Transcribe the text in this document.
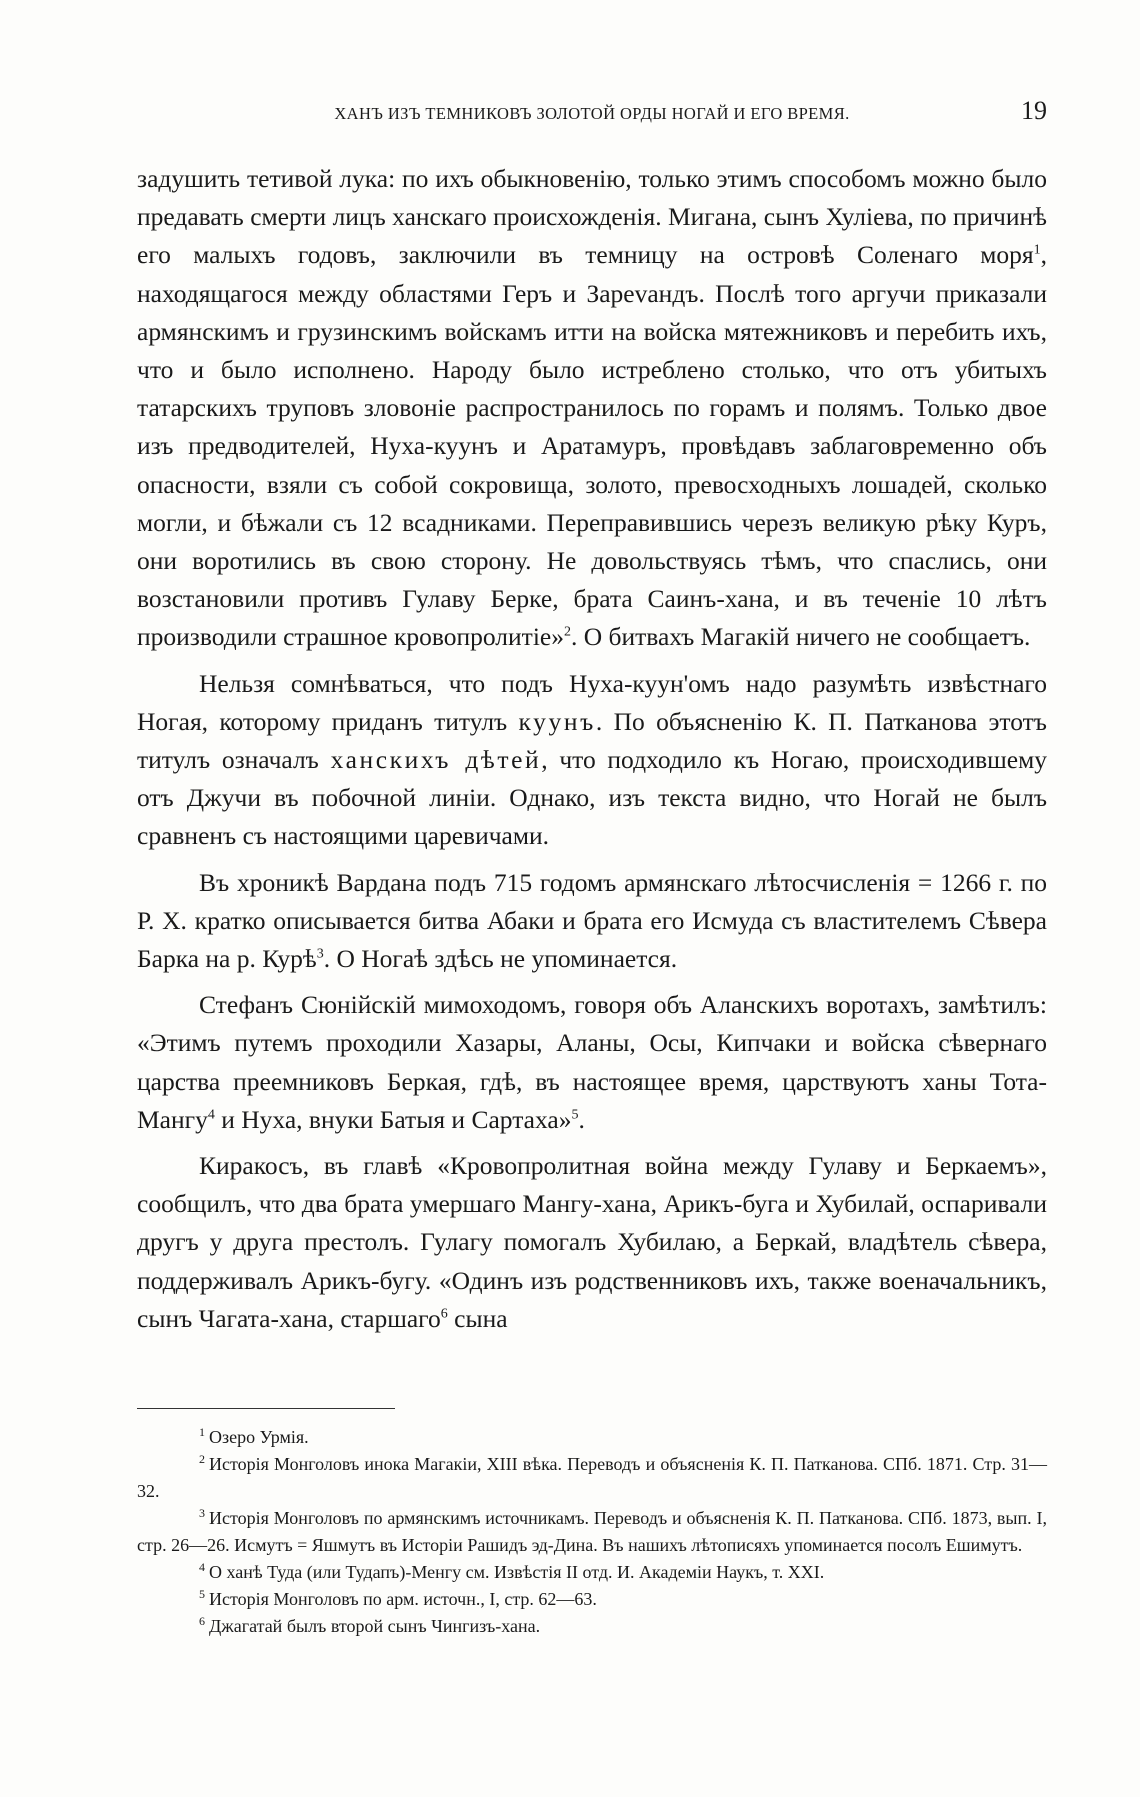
ХАНЪ ИЗЪ ТЕМНИКОВЪ ЗОЛОТОЙ ОРДЫ НОГАЙ И ЕГО ВРЕМЯ.	19

задушить тетивой лука: по ихъ обыкновенію, только этимъ способомъ можно было предавать смерти лицъ ханскаго происхожденія. Мигана, сынъ Хуліева, по причинѣ его малыхъ годовъ, заключили въ темницу на островѣ Соленаго моря$^1$, находящагося между областями Геръ и Зарevандъ. Послѣ того аргучи приказали армянскимъ и грузинскимъ войскамъ итти на войска мятежниковъ и перебить ихъ, что и было исполнено. Народу было истреблено столько, что отъ убитыхъ татарскихъ труповъ зловоніе распространилось по горамъ и полямъ. Только двое изъ предводителей, Нуха-куунъ и Аратамуръ, провѣдавъ заблаговременно объ опасности, взяли съ собой сокровища, золото, превосходныхъ лошадей, сколько могли, и бѣжали съ 12 всадниками. Переправившись черезъ великую рѣку Куръ, они воротились въ свою сторону. Не довольствуясь тѣмъ, что спаслись, они возстановили противъ Гулаву Берке, брата Саинъ-хана, и въ теченіе 10 лѣтъ производили страшное кровопролитіе»$^2$. О битвахъ Магакій ничего не сообщаетъ.

Нельзя сомнѣваться, что подъ Нуха-куун'омъ надо разумѣть извѣстнаго Ногая, которому приданъ титулъ куунъ. По объясненію К. П. Патканова этотъ титулъ означалъ ханскихъ дѣтей, что подходило къ Ногаю, происходившему отъ Джучи въ побочной линіи. Однако, изъ текста видно, что Ногай не былъ сравненъ съ настоящими царевичами.

Въ хроникѣ Вардана подъ 715 годомъ армянскаго лѣтосчисленія = 1266 г. по Р. Х. кратко описывается битва Абаки и брата его Исмуда съ властителемъ Сѣвера Барка на р. Курѣ$^3$. О Ногаѣ здѣсь не упоминается.

Стефанъ Сюнійскій мимоходомъ, говоря объ Аланскихъ воротахъ, замѣтилъ: «Этимъ путемъ проходили Хазары, Аланы, Осы, Кипчаки и войска сѣвернаго царства преемниковъ Беркая, гдѣ, въ настоящее время, царствуютъ ханы Тота-Мангу$^4$ и Нуха, внуки Батыя и Сартаха»$^5$.

Киракосъ, въ главѣ «Кровопролитная война между Гулаву и Беркаемъ», сообщилъ, что два брата умершаго Мангу-хана, Арикъ-буга и Хубилай, оспаривали другъ у друга престолъ. Гулагу помогалъ Хубилаю, а Беркай, владѣтель сѣвера, поддерживалъ Арикъ-бугу. «Одинъ изъ родственниковъ ихъ, также военачальникъ, сынъ Чагата-хана, старшаго$^6$ сына

$^1$ Озеро Урмія.

$^2$ Исторія Монголовъ инока Магакіи, XIII вѣка. Переводъ и объясненія К. П. Патканова. СПб. 1871. Стр. 31—32.

$^3$ Исторія Монголовъ по армянскимъ источникамъ. Переводъ и объясненія К. П. Патканова. СПб. 1873, вып. I, стр. 26—26. Исмутъ = Яшмутъ въ Исторіи Рашидъ эд-Дина. Въ нашихъ лѣтописяхъ упоминается посолъ Ешимутъ.

$^4$ О ханѣ Туда (или Тудапъ)-Менгу см. Извѣстія II отд. И. Академіи Наукъ, т. XXI.

$^5$ Исторія Монголовъ по арм. источн., I, стр. 62—63.

$^6$ Джагатай былъ второй сынъ Чингизъ-хана.
